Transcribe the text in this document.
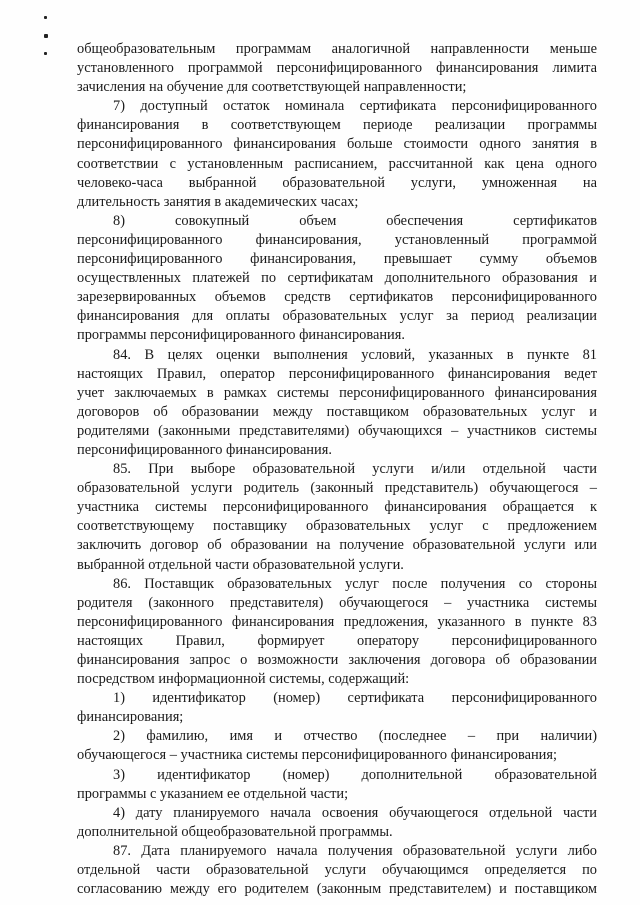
общеобразовательным программам аналогичной направленности меньше

установленного программой персонифицированного финансирования лимита

зачисления на обучение для соответствующей направленности;

7) доступный остаток номинала сертификата персонифицированного

финансирования в соответствующем периоде реализации программы

персонифицированного финансирования больше стоимости одного занятия в

соответствии с установленным расписанием, рассчитанной как цена одного

человеко-часа выбранной образовательной услуги, умноженная на

длительность занятия в академических часах;

8) совокупный объем обеспечения сертификатов

персонифицированного финансирования, установленный программой

персонифицированного финансирования, превышает сумму объемов

осуществленных платежей по сертификатам дополнительного образования и

зарезервированных объемов средств сертификатов персонифицированного

финансирования для оплаты образовательных услуг за период реализации

программы персонифицированного финансирования.

84. В целях оценки выполнения условий, указанных в пункте 81

настоящих Правил, оператор персонифицированного финансирования ведет

учет заключаемых в рамках системы персонифицированного финансирования

договоров об образовании между поставщиком образовательных услуг и

родителями (законными представителями) обучающихся – участников системы

персонифицированного финансирования.

85. При выборе образовательной услуги и/или отдельной части

образовательной услуги родитель (законный представитель) обучающегося –

участника системы персонифицированного финансирования обращается к

соответствующему поставщику образовательных услуг с предложением

заключить договор об образовании на получение образовательной услуги или

выбранной отдельной части образовательной услуги.

86. Поставщик образовательных услуг после получения со стороны

родителя (законного представителя) обучающегося – участника системы

персонифицированного финансирования предложения, указанного в пункте 83

настоящих Правил, формирует оператору персонифицированного

финансирования запрос о возможности заключения договора об образовании

посредством информационной системы, содержащий:

1) идентификатор (номер) сертификата персонифицированного

финансирования;

2) фамилию, имя и отчество (последнее – при наличии)

обучающегося – участника системы персонифицированного финансирования;

3) идентификатор (номер) дополнительной образовательной

программы с указанием ее отдельной части;

4) дату планируемого начала освоения обучающегося отдельной части

дополнительной общеобразовательной программы.

87. Дата планируемого начала получения образовательной услуги либо

отдельной части образовательной услуги обучающимся определяется по

согласованию между его родителем (законным представителем) и поставщиком
